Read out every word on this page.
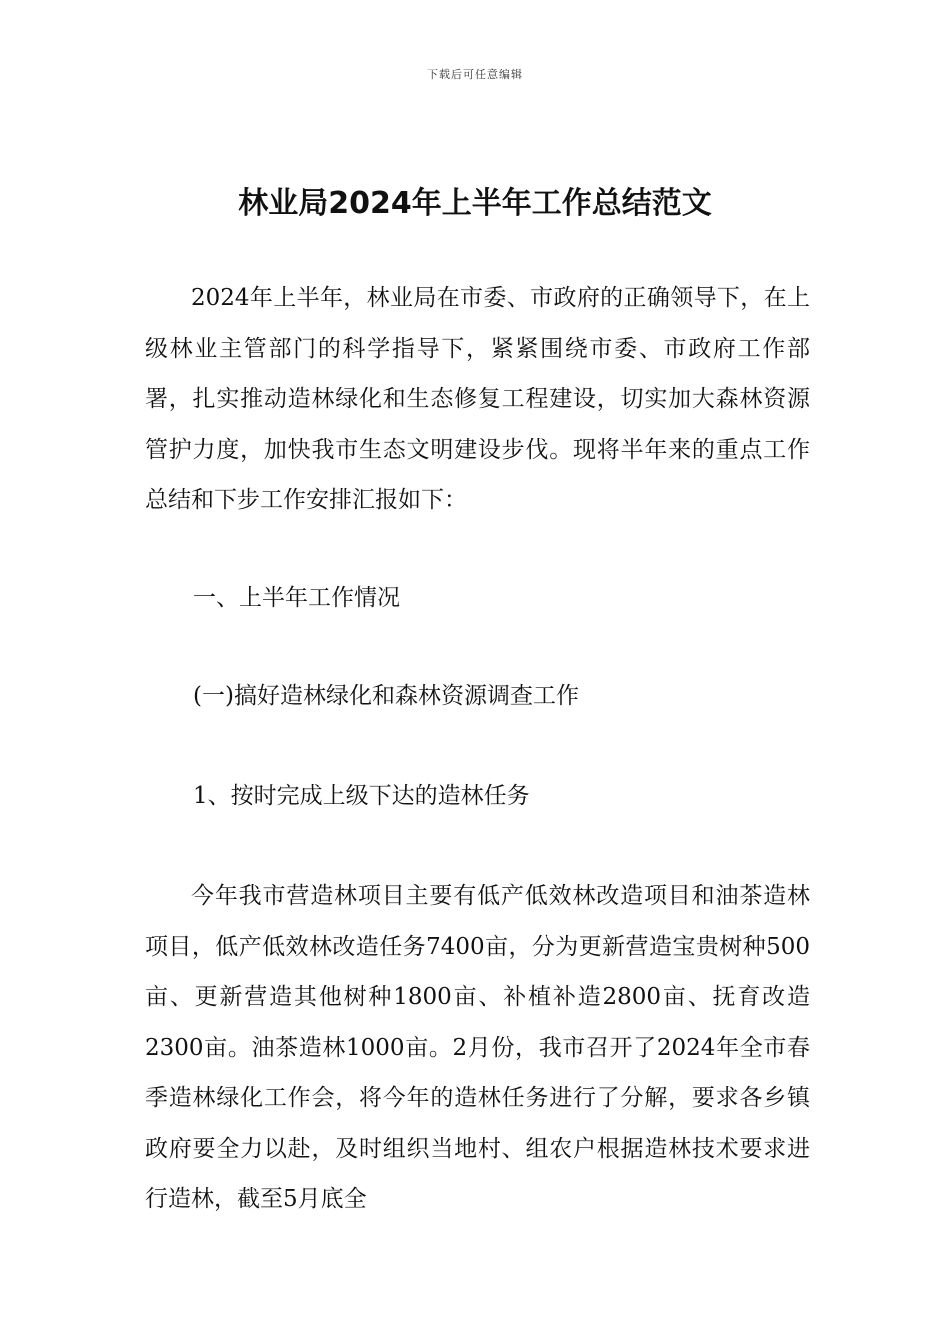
下载后可任意编辑
林业局2024年上半年工作总结范文

2024年上半年，林业局在市委、市政府的正确领导下，在上级林业主管部门的科学指导下，紧紧围绕市委、市政府工作部署，扎实推动造林绿化和生态修复工程建设，切实加大森林资源管护力度，加快我市生态文明建设步伐。现将半年来的重点工作总结和下步工作安排汇报如下：

一、上半年工作情况

(一)搞好造林绿化和森林资源调查工作

1、按时完成上级下达的造林任务

今年我市营造林项目主要有低产低效林改造项目和油茶造林项目，低产低效林改造任务7400亩，分为更新营造宝贵树种500亩、更新营造其他树种1800亩、补植补造2800亩、抚育改造2300亩。油茶造林1000亩。2月份，我市召开了2024年全市春季造林绿化工作会，将今年的造林任务进行了分解，要求各乡镇政府要全力以赴，及时组织当地村、组农户根据造林技术要求进行造林，截至5月底全
